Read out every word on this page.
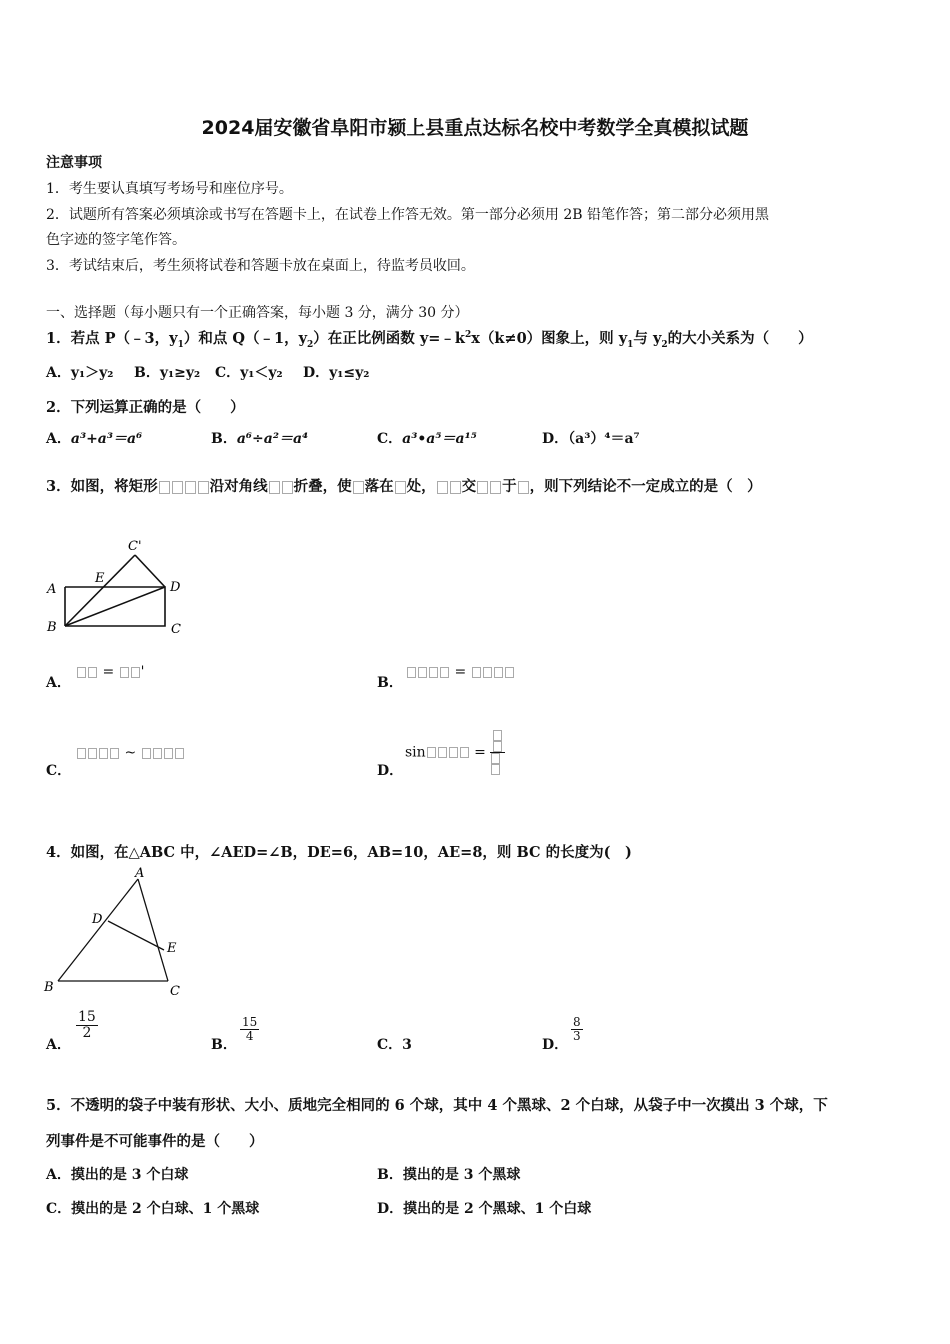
2024届安徽省阜阳市颍上县重点达标名校中考数学全真模拟试题
注意事项
1．考生要认真填写考场号和座位序号。
2．试题所有答案必须填涂或书写在答题卡上，在试卷上作答无效。第一部分必须用 2B 铅笔作答；第二部分必须用黑
色字迹的签字笔作答。
3．考试结束后，考生须将试卷和答题卡放在桌面上，待监考员收回。
一、选择题（每小题只有一个正确答案，每小题 3 分，满分 30 分）
1．若点 P（﹣3，$y_1$）和点 Q（﹣1，$y_2$）在正比例函数 $y=﹣k^2x(k\ne 0)$图象上，则 $y_1$与 $y_2$的大小关系为（　　）
A．y₁＞y₂ B．y₁≥y₂ C．y₁＜y₂ D．y₁≤y₂
2．下列运算正确的是（　　）
A．a³+a³＝a⁶	B．a⁶÷a²＝a⁴	C．a³•a⁵＝a¹⁵	D．（a³）⁴＝a⁷
3．如图，将矩形	沿对角线 折叠，使 落在 处， 交 于 ，则下列结论不一定成立的是（　）
C'
A
E
D
B	C
A．
= '
B．
=
C．
~
D．
sin	=
4．如图，在△ABC 中，∠AED=∠B，DE=6，AB=10，AE=8，则 BC 的长度为(　)
A
D
E
B	C
A．
$\frac{15}{2}$
B．
$\frac{15}{4}$
C．3	D．
$\frac{8}{3}$
5．不透明的袋子中装有形状、大小、质地完全相同的 6 个球，其中 4 个黑球、2 个白球，从袋子中一次摸出 3 个球，下
列事件是不可能事件的是（　　）
A．摸出的是 3 个白球	B．摸出的是 3 个黑球
C．摸出的是 2 个白球、1 个黑球	D．摸出的是 2 个黑球、1 个白球
